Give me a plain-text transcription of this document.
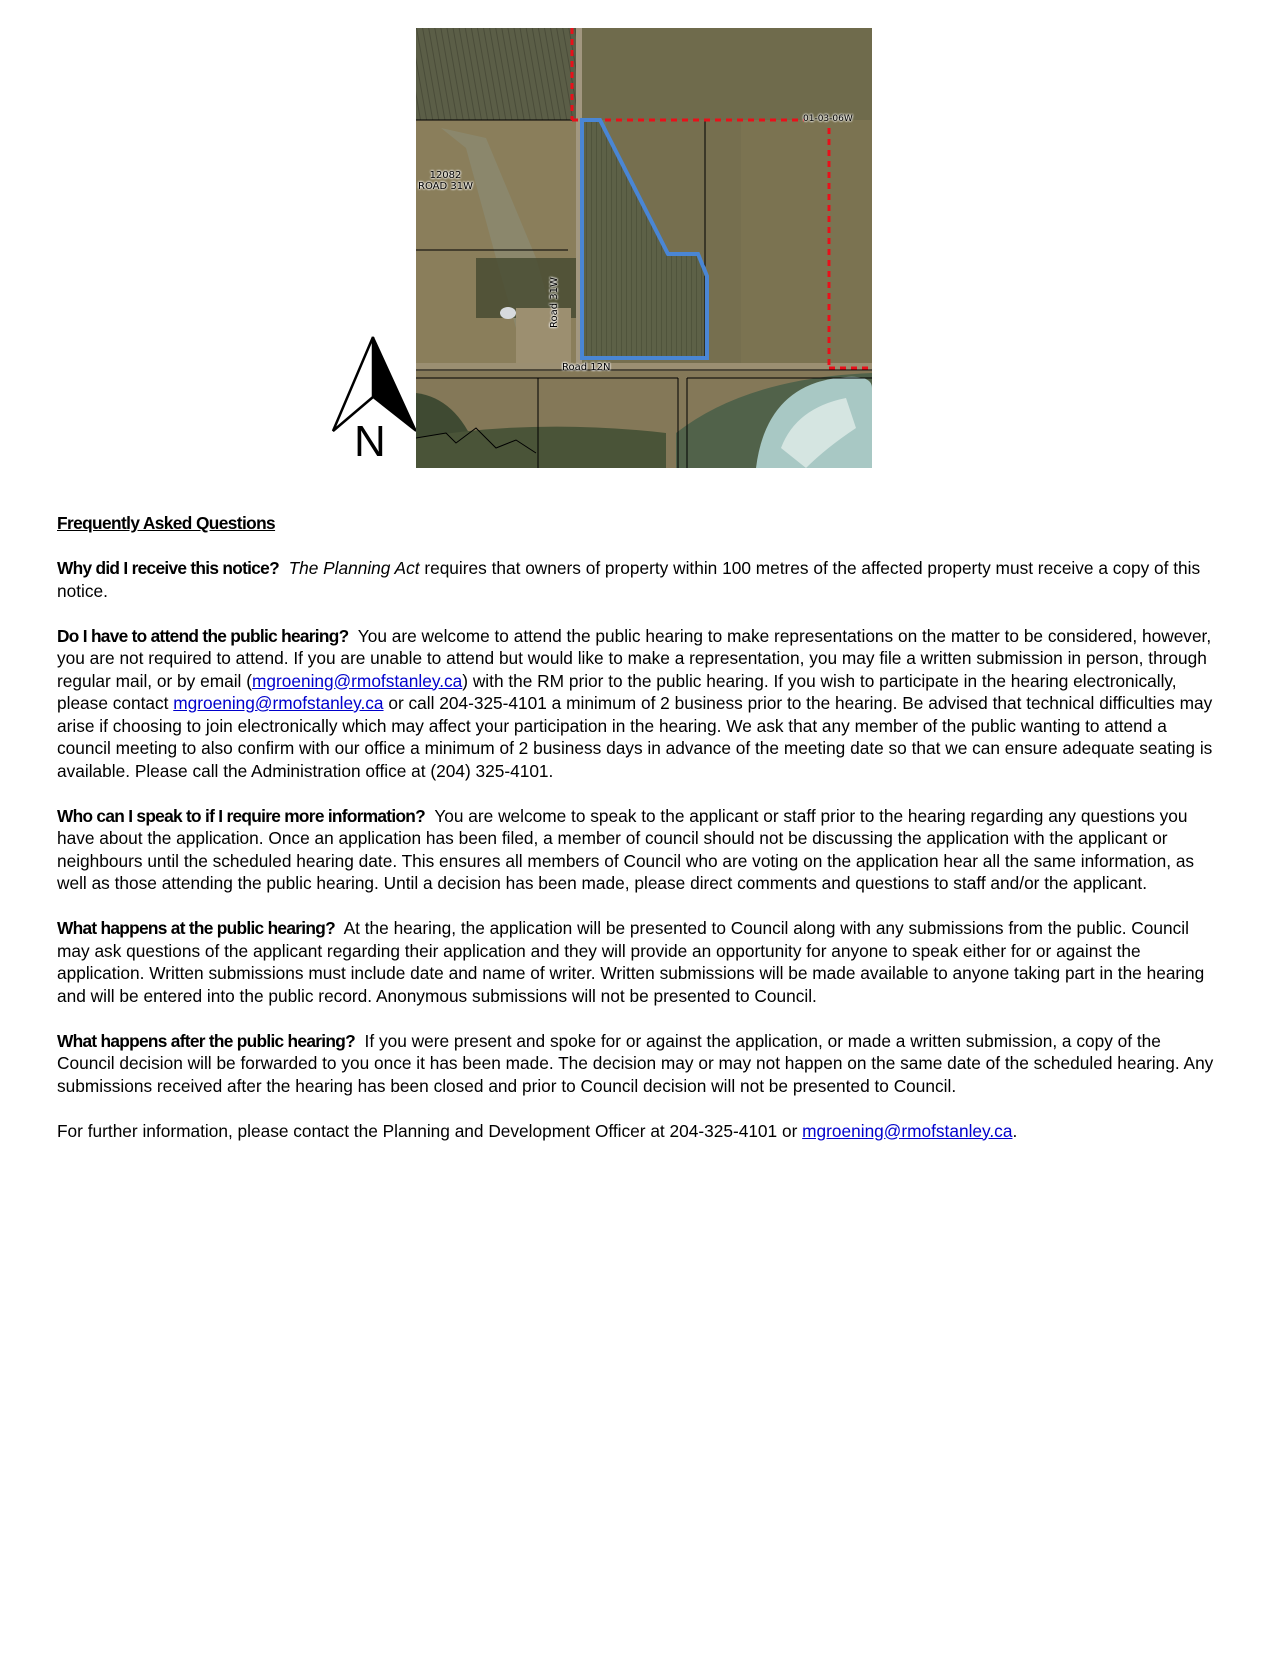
N
12082
ROAD 31W
01-03-06W
Road 31W
Road 12N

Frequently Asked Questions

Why did I receive this notice? The Planning Act requires that owners of property within 100 metres of the affected property must receive a copy of this notice.

Do I have to attend the public hearing? You are welcome to attend the public hearing to make representations on the matter to be considered, however, you are not required to attend. If you are unable to attend but would like to make a representation, you may file a written submission in person, through regular mail, or by email (mgroening@rmofstanley.ca) with the RM prior to the public hearing. If you wish to participate in the hearing electronically, please contact mgroening@rmofstanley.ca or call 204-325-4101 a minimum of 2 business prior to the hearing. Be advised that technical difficulties may arise if choosing to join electronically which may affect your participation in the hearing. We ask that any member of the public wanting to attend a council meeting to also confirm with our office a minimum of 2 business days in advance of the meeting date so that we can ensure adequate seating is available. Please call the Administration office at (204) 325-4101.

Who can I speak to if I require more information? You are welcome to speak to the applicant or staff prior to the hearing regarding any questions you have about the application. Once an application has been filed, a member of council should not be discussing the application with the applicant or neighbours until the scheduled hearing date. This ensures all members of Council who are voting on the application hear all the same information, as well as those attending the public hearing. Until a decision has been made, please direct comments and questions to staff and/or the applicant.

What happens at the public hearing? At the hearing, the application will be presented to Council along with any submissions from the public. Council may ask questions of the applicant regarding their application and they will provide an opportunity for anyone to speak either for or against the application. Written submissions must include date and name of writer. Written submissions will be made available to anyone taking part in the hearing and will be entered into the public record. Anonymous submissions will not be presented to Council.

What happens after the public hearing? If you were present and spoke for or against the application, or made a written submission, a copy of the Council decision will be forwarded to you once it has been made. The decision may or may not happen on the same date of the scheduled hearing. Any submissions received after the hearing has been closed and prior to Council decision will not be presented to Council.

For further information, please contact the Planning and Development Officer at 204-325-4101 or mgroening@rmofstanley.ca.
